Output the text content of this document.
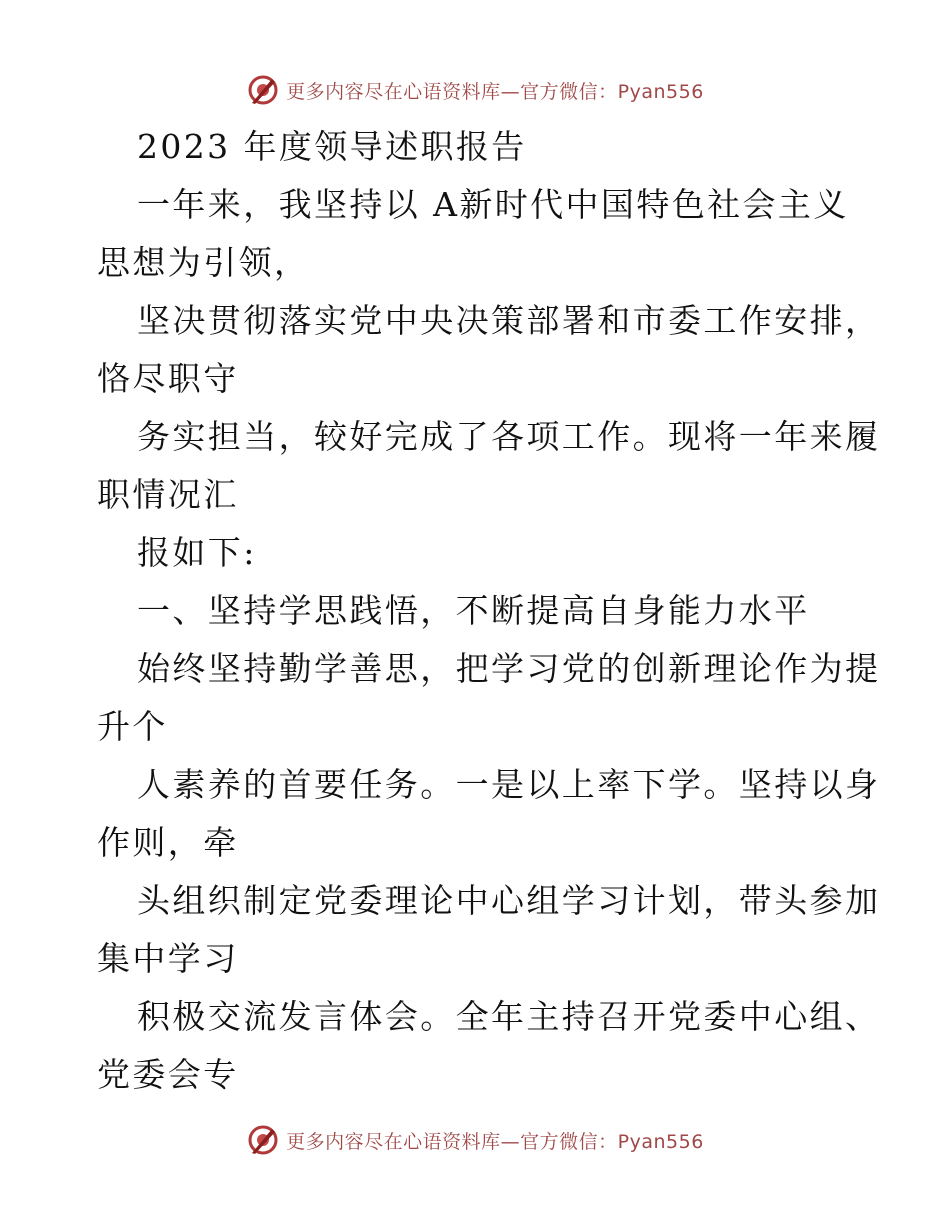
更多内容尽在心语资料库—官方微信：Pyan556
2023 年度领导述职报告
一年来，我坚持以 A新时代中国特色社会主义
思想为引领，
坚决贯彻落实党中央决策部署和市委工作安排，
恪尽职守
务实担当，较好完成了各项工作。现将一年来履
职情况汇
报如下:
一、坚持学思践悟，不断提高自身能力水平
始终坚持勤学善思，把学习党的创新理论作为提
升个
人素养的首要任务。一是以上率下学。坚持以身
作则，牵
头组织制定党委理论中心组学习计划，带头参加
集中学习
积极交流发言体会。全年主持召开党委中心组、
党委会专
更多内容尽在心语资料库—官方微信：Pyan556
